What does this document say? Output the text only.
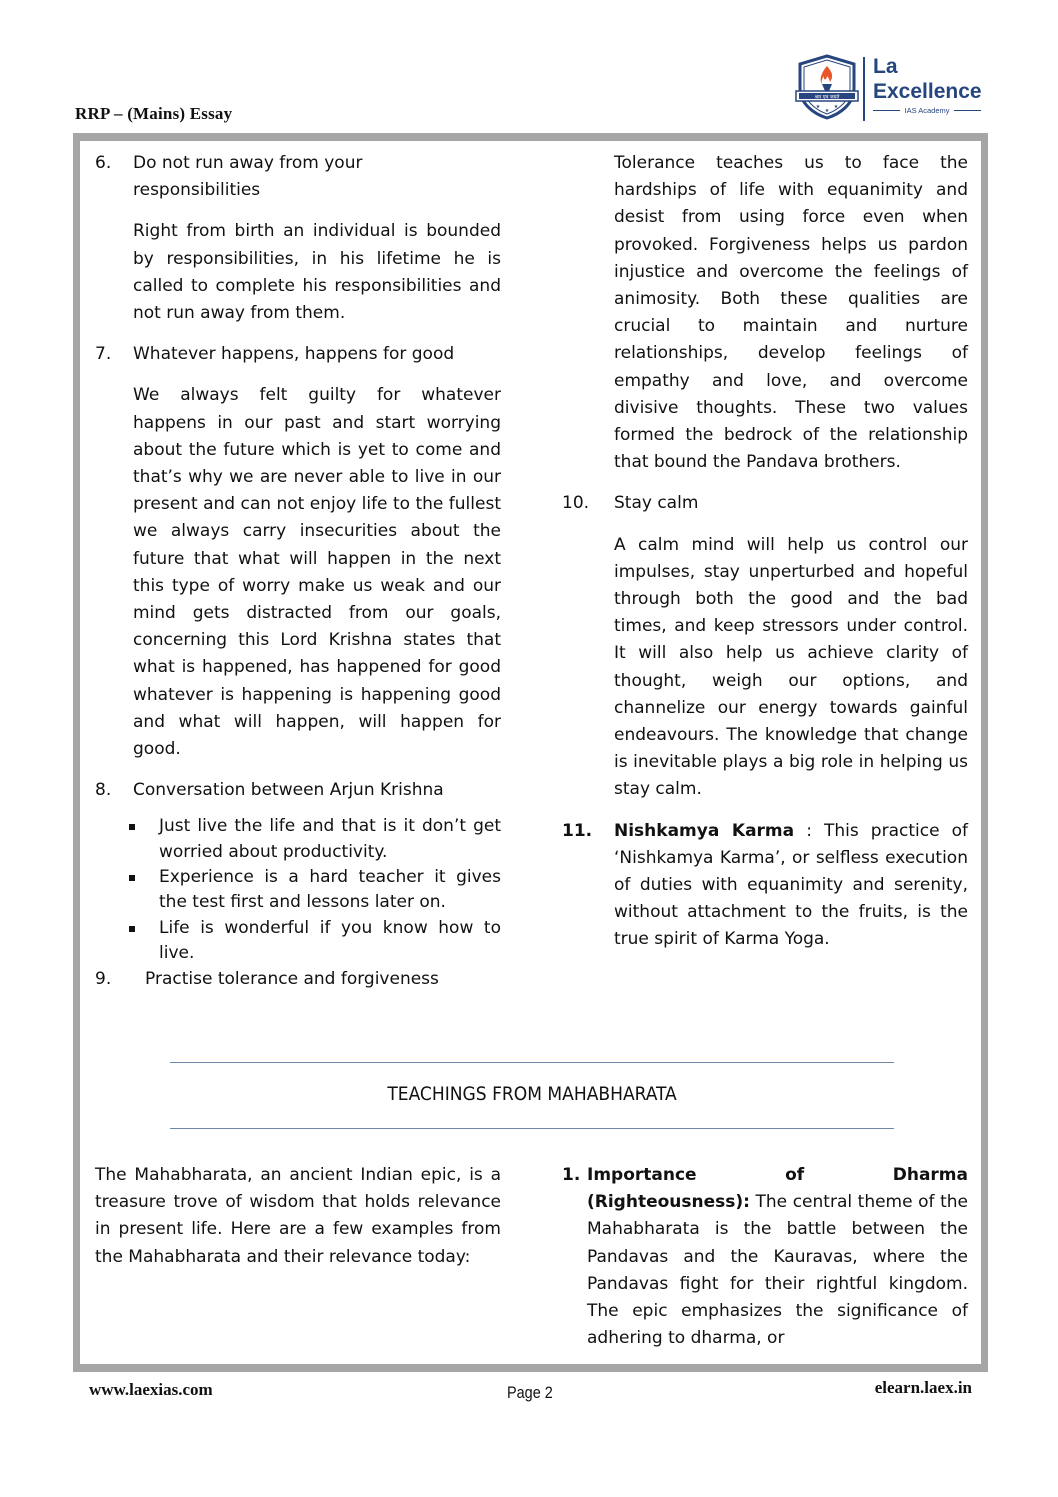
RRP – (Mains) Essay
श्रम एव जयते
★
★
★
La
Excellence
IAS Academy
6.	Do not run away from your responsibilities
Right from birth an individual is bounded by responsibilities, in his lifetime he is called to complete his responsibilities and not run away from them.
7.	Whatever happens, happens for good
We always felt guilty for whatever happens in our past and start worrying about the future which is yet to come and that’s why we are never able to live in our present and can not enjoy life to the fullest we always carry insecurities about the future that what will happen in the next this type of worry make us weak and our mind gets distracted from our goals, concerning this Lord Krishna states that what is happened, has happened for good whatever is happening is happening good and what will happen, will happen for good.
8.	Conversation between Arjun Krishna
Just live the life and that is it don’t get worried about productivity.
Experience is a hard teacher it gives the test first and lessons later on.
Life is wonderful if you know how to live.
9.	Practise tolerance and forgiveness
Tolerance teaches us to face the hardships of life with equanimity and desist from using force even when provoked. Forgiveness helps us pardon injustice and overcome the feelings of animosity. Both these qualities are crucial to maintain and nurture relationships, develop feelings of empathy and love, and overcome divisive thoughts. These two values formed the bedrock of the relationship that bound the Pandava brothers.
10.	Stay calm
A calm mind will help us control our impulses, stay unperturbed and hopeful through both the good and the bad times, and keep stressors under control. It will also help us achieve clarity of thought, weigh our options, and channelize our energy towards gainful endeavours. The knowledge that change is inevitable plays a big role in helping us stay calm.
11.	Nishkamya Karma : This practice of ‘Nishkamya Karma’, or selfless execution of duties with equanimity and serenity, without attachment to the fruits, is the true spirit of Karma Yoga.
TEACHINGS FROM MAHABHARATA
The Mahabharata, an ancient Indian epic, is a treasure trove of wisdom that holds relevance in present life. Here are a few examples from the Mahabharata and their relevance today:
1. Importance of Dharma (Righteousness): The central theme of the Mahabharata is the battle between the Pandavas and the Kauravas, where the Pandavas fight for their rightful kingdom. The epic emphasizes the significance of adhering to dharma, or
www.laexias.com	Page 2	elearn.laex.in
